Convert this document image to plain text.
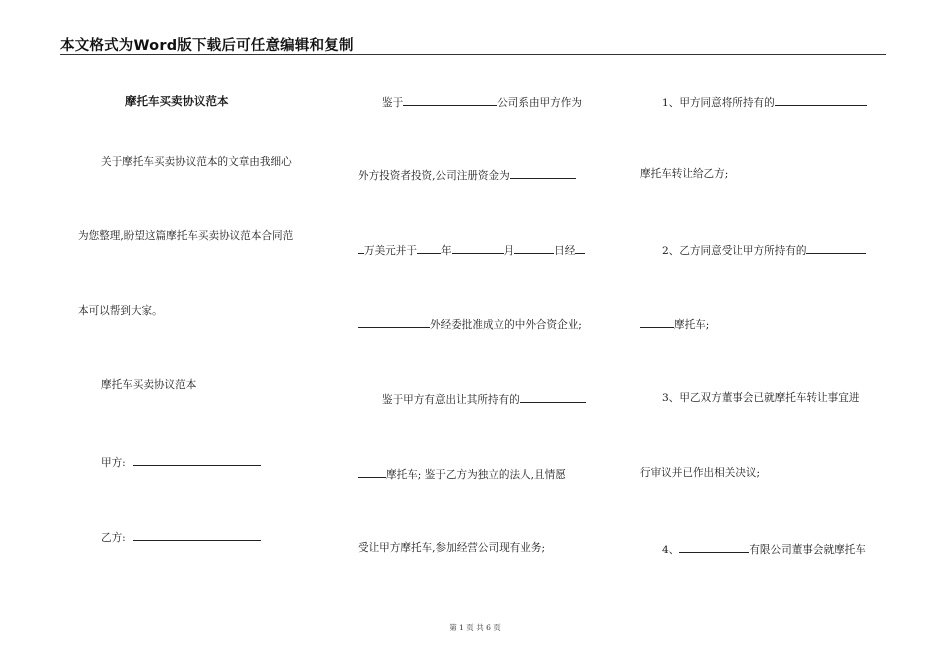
本文格式为Word版下载后可任意编辑和复制
摩托车买卖协议范本
关于摩托车买卖协议范本的文章由我细心
为您整理,盼望这篇摩托车买卖协议范本合同范
本可以帮到大家。
摩托车买卖协议范本
甲方:
乙方:
鉴于	公司系由甲方作为
外方投资者投资,公司注册资金为
万美元并于 年	月	日经
外经委批准成立的中外合资企业;
鉴于甲方有意出让其所持有的
摩托车; 鉴于乙方为独立的法人,且情愿
受让甲方摩托车,参加经营公司现有业务;
1、甲方同意将所持有的
摩托车转让给乙方;
2、乙方同意受让甲方所持有的
摩托车;
3、甲乙双方董事会已就摩托车转让事宜进
行审议并已作出相关决议;
4、	有限公司董事会就摩托车
第 1 页 共 6 页
